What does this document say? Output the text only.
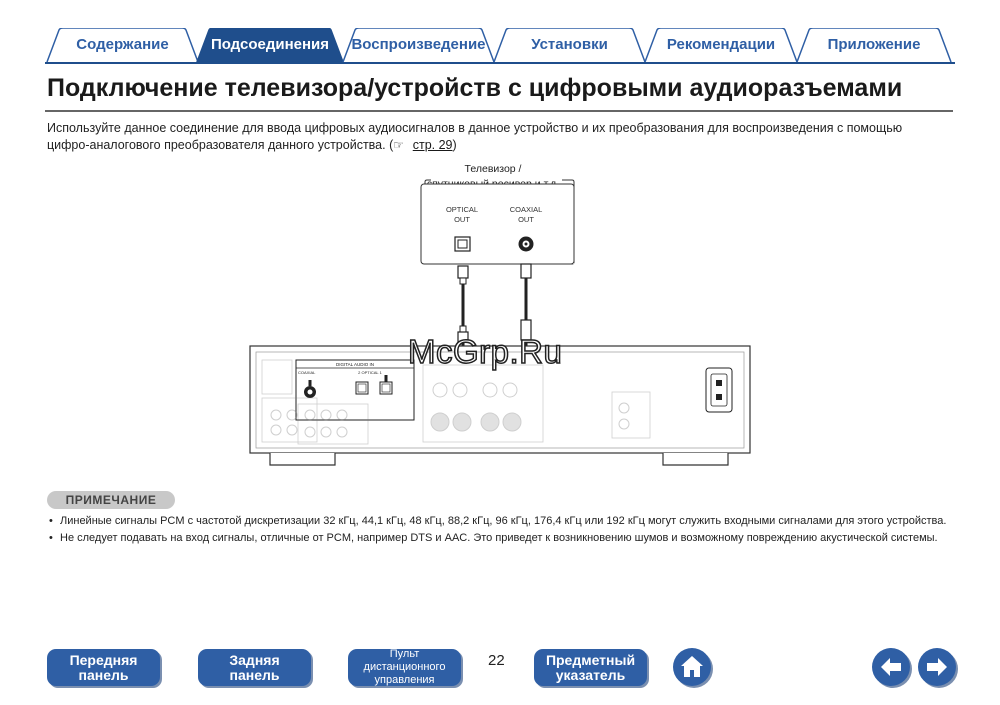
Содержание	Подсоединения	Воспроизведение	Установки	Рекомендации	Приложение
Подключение телевизора/устройств с цифровыми аудиоразъемами
Используйте данное соединение для ввода цифровых аудиосигналов в данное устройство и их преобразования для воспроизведения с помощью цифро-аналогового преобразователя данного устройства. (☞ стр. 29)
Телевизор /
OPTICAL
OUT
COAXIAL
OUT
DIGITAL AUDIO IN
COAXIAL	2 OPTICAL 1
McGrp.Ru
ПРИМЕЧАНИЕ
• Линейные сигналы PCM с частотой дискретизации 32 кГц, 44,1 кГц, 48 кГц, 88,2 кГц, 96 кГц, 176,4 кГц или 192 кГц могут служить входными сигналами для этого устройства.
• Не следует подавать на вход сигналы, отличные от PCM, например DTS и AAC. Это приведет к возникновению шумов и возможному повреждению акустической системы.
Передняя
панель
Задняя
панель
Пульт дистанционного
управления
22	Предметный
указатель
